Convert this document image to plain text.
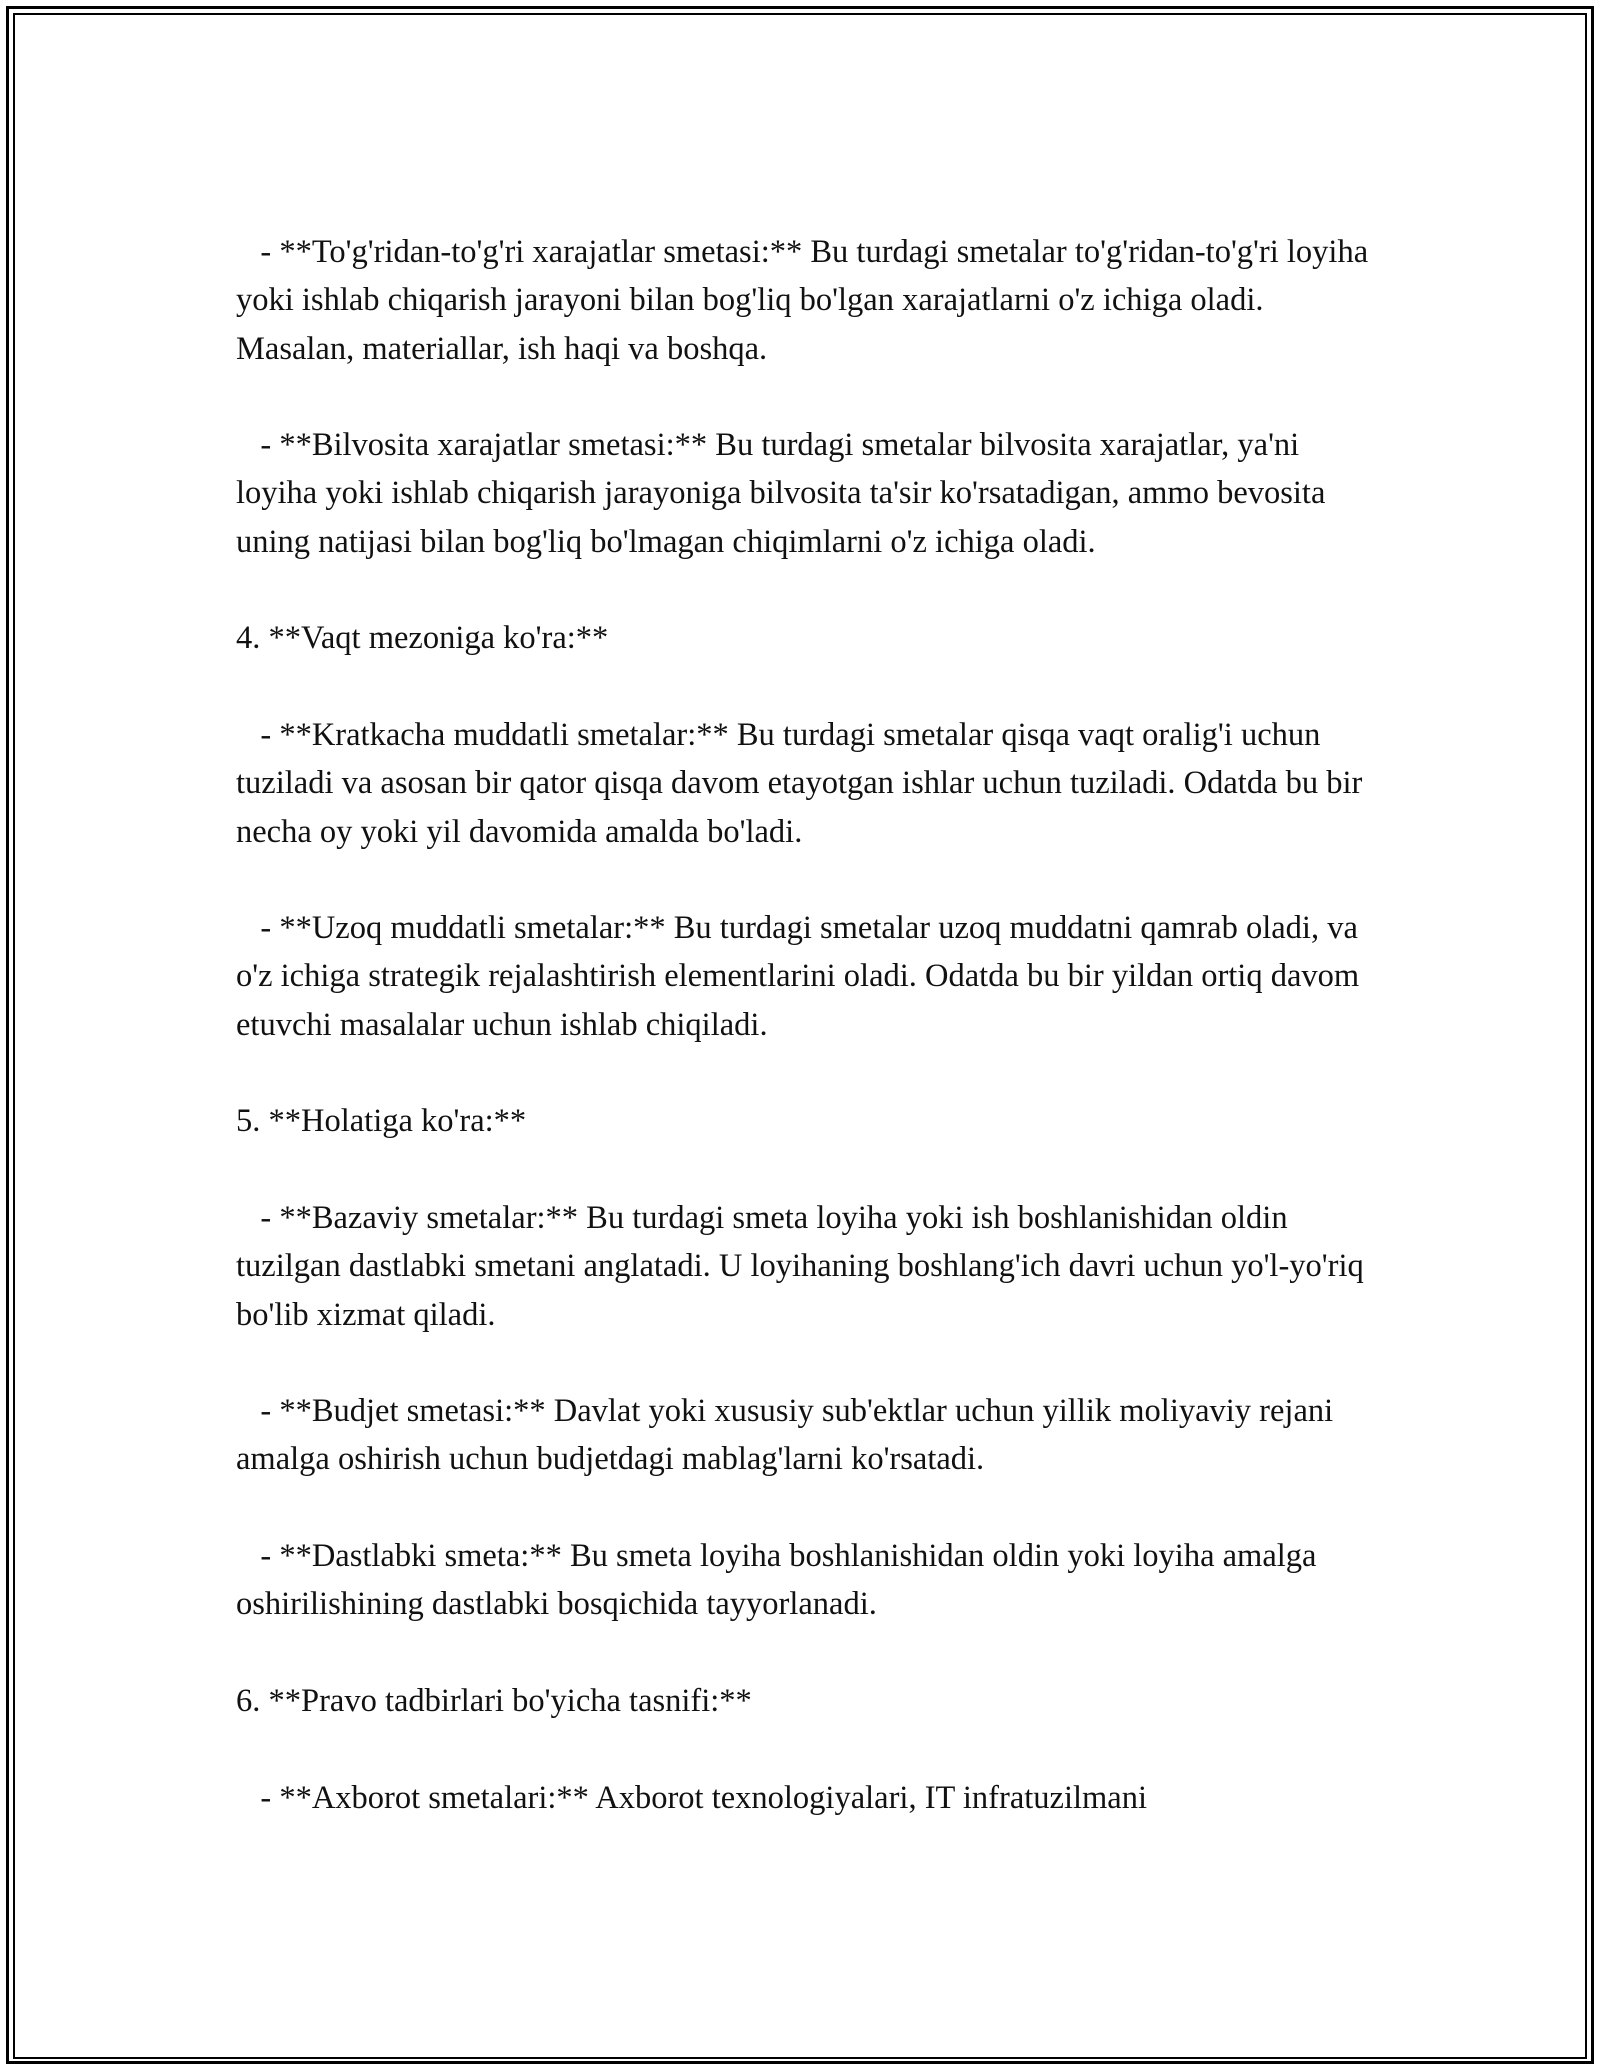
- **To'g'ridan-to'g'ri xarajatlar smetasi:** Bu turdagi smetalar to'g'ridan-to'g'ri loyiha yoki ishlab chiqarish jarayoni bilan bog'liq bo'lgan xarajatlarni o'z ichiga oladi. Masalan, materiallar, ish haqi va boshqa.

- **Bilvosita xarajatlar smetasi:** Bu turdagi smetalar bilvosita xarajatlar, ya'ni loyiha yoki ishlab chiqarish jarayoniga bilvosita ta'sir ko'rsatadigan, ammo bevosita uning natijasi bilan bog'liq bo'lmagan chiqimlarni o'z ichiga oladi.

4. **Vaqt mezoniga ko'ra:**

- **Kratkacha muddatli smetalar:** Bu turdagi smetalar qisqa vaqt oralig'i uchun tuziladi va asosan bir qator qisqa davom etayotgan ishlar uchun tuziladi. Odatda bu bir necha oy yoki yil davomida amalda bo'ladi.

- **Uzoq muddatli smetalar:** Bu turdagi smetalar uzoq muddatni qamrab oladi, va o'z ichiga strategik rejalashtirish elementlarini oladi. Odatda bu bir yildan ortiq davom etuvchi masalalar uchun ishlab chiqiladi.

5. **Holatiga ko'ra:**

- **Bazaviy smetalar:** Bu turdagi smeta loyiha yoki ish boshlanishidan oldin tuzilgan dastlabki smetani anglatadi. U loyihaning boshlang'ich davri uchun yo'l-yo'riq bo'lib xizmat qiladi.

- **Budjet smetasi:** Davlat yoki xususiy sub'ektlar uchun yillik moliyaviy rejani amalga oshirish uchun budjetdagi mablag'larni ko'rsatadi.

- **Dastlabki smeta:** Bu smeta loyiha boshlanishidan oldin yoki loyiha amalga oshirilishining dastlabki bosqichida tayyorlanadi.

6. **Pravo tadbirlari bo'yicha tasnifi:**

- **Axborot smetalari:** Axborot texnologiyalari, IT infratuzilmani
